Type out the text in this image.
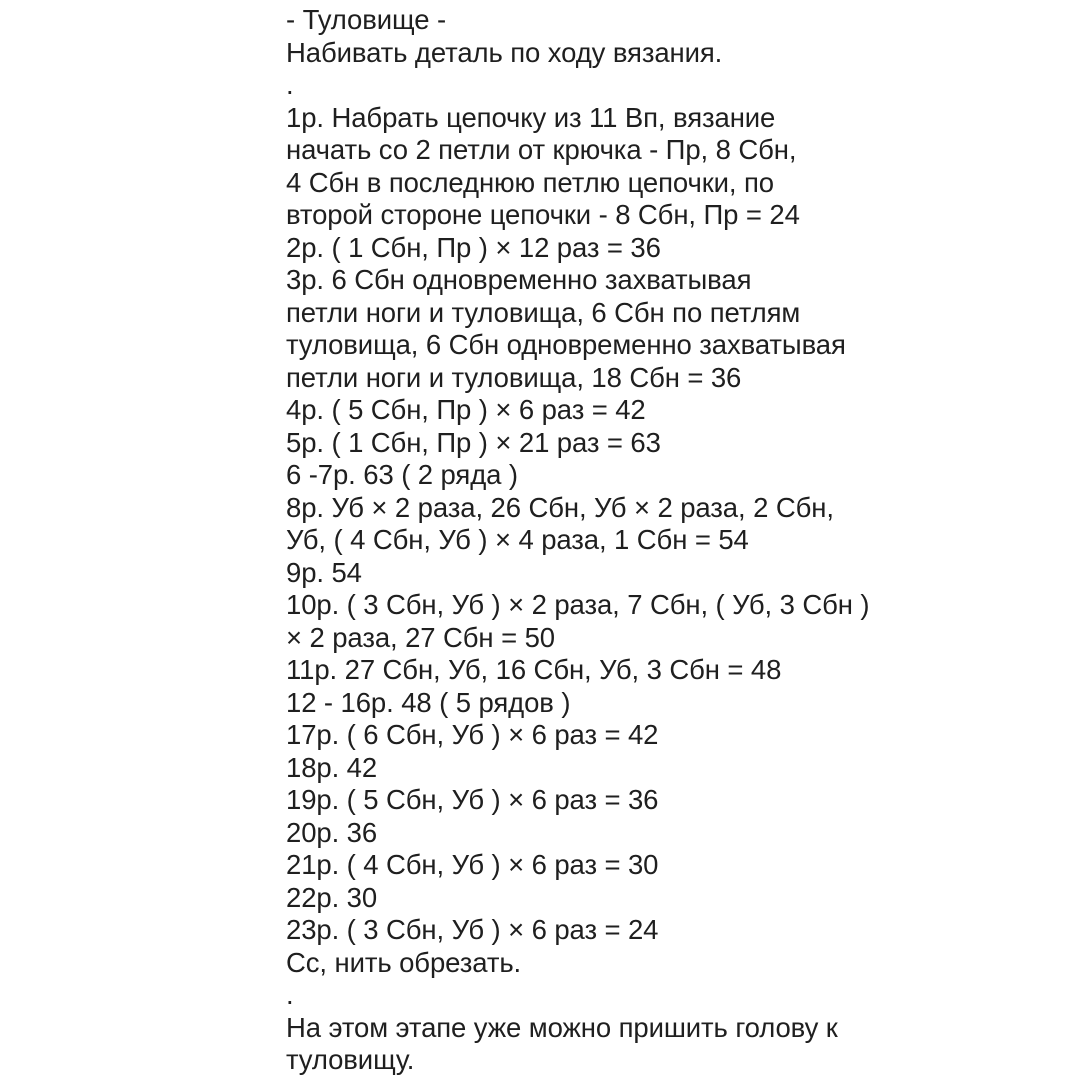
- Туловище -
Набивать деталь по ходу вязания.
.
1р. Набрать цепочку из 11 Вп, вязание
начать со 2 петли от крючка - Пр, 8 Сбн,
4 Сбн в последнюю петлю цепочки, по
второй стороне цепочки - 8 Сбн, Пр = 24
2р. ( 1 Сбн, Пр ) × 12 раз = 36
3р. 6 Сбн одновременно захватывая
петли ноги и туловища, 6 Сбн по петлям
туловища, 6 Сбн одновременно захватывая
петли ноги и туловища, 18 Сбн = 36
4р. ( 5 Сбн, Пр ) × 6 раз = 42
5р. ( 1 Сбн, Пр ) × 21 раз = 63
6 -7р. 63 ( 2 ряда )
8р. Уб × 2 раза, 26 Сбн, Уб × 2 раза, 2 Сбн,
Уб, ( 4 Сбн, Уб ) × 4 раза, 1 Сбн = 54
9р. 54
10р. ( 3 Сбн, Уб ) × 2 раза, 7 Сбн, ( Уб, 3 Сбн )
× 2 раза, 27 Сбн = 50
11р. 27 Сбн, Уб, 16 Сбн, Уб, 3 Сбн = 48
12 - 16р. 48 ( 5 рядов )
17р. ( 6 Сбн, Уб ) × 6 раз = 42
18р. 42
19р. ( 5 Сбн, Уб ) × 6 раз = 36
20р. 36
21р. ( 4 Сбн, Уб ) × 6 раз = 30
22р. 30
23р. ( 3 Сбн, Уб ) × 6 раз = 24
Сс, нить обрезать.
.
На этом этапе уже можно пришить голову к
туловищу.
